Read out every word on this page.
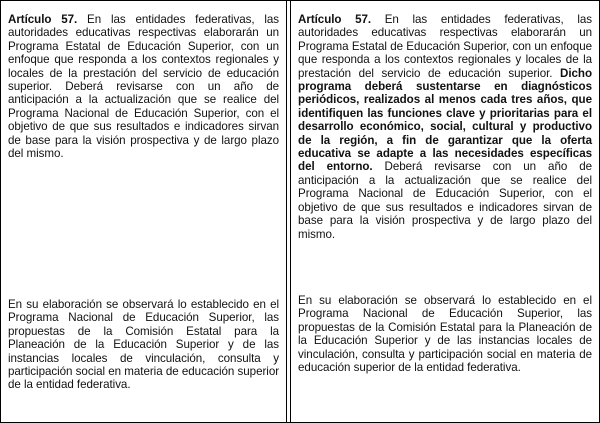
Artículo 57. En las entidades federativas, las autoridades educativas respectivas elaborarán un Programa Estatal de Educación Superior, con un enfoque que responda a los contextos regionales y locales de la prestación del servicio de educación superior. Deberá revisarse con un año de anticipación a la actualización que se realice del Programa Nacional de Educación Superior, con el objetivo de que sus resultados e indicadores sirvan de base para la visión prospectiva y de largo plazo del mismo.
En su elaboración se observará lo establecido en el Programa Nacional de Educación Superior, las propuestas de la Comisión Estatal para la Planeación de la Educación Superior y de las instancias locales de vinculación, consulta y participación social en materia de educación superior de la entidad federativa.
Artículo 57. En las entidades federativas, las autoridades educativas respectivas elaborarán un Programa Estatal de Educación Superior, con un enfoque que responda a los contextos regionales y locales de la prestación del servicio de educación superior. Dicho programa deberá sustentarse en diagnósticos periódicos, realizados al menos cada tres años, que identifiquen las funciones clave y prioritarias para el desarrollo económico, social, cultural y productivo de la región, a fin de garantizar que la oferta educativa se adapte a las necesidades específicas del entorno. Deberá revisarse con un año de anticipación a la actualización que se realice del Programa Nacional de Educación Superior, con el objetivo de que sus resultados e indicadores sirvan de base para la visión prospectiva y de largo plazo del mismo.
En su elaboración se observará lo establecido en el Programa Nacional de Educación Superior, las propuestas de la Comisión Estatal para la Planeación de la Educación Superior y de las instancias locales de vinculación, consulta y participación social en materia de educación superior de la entidad federativa.
